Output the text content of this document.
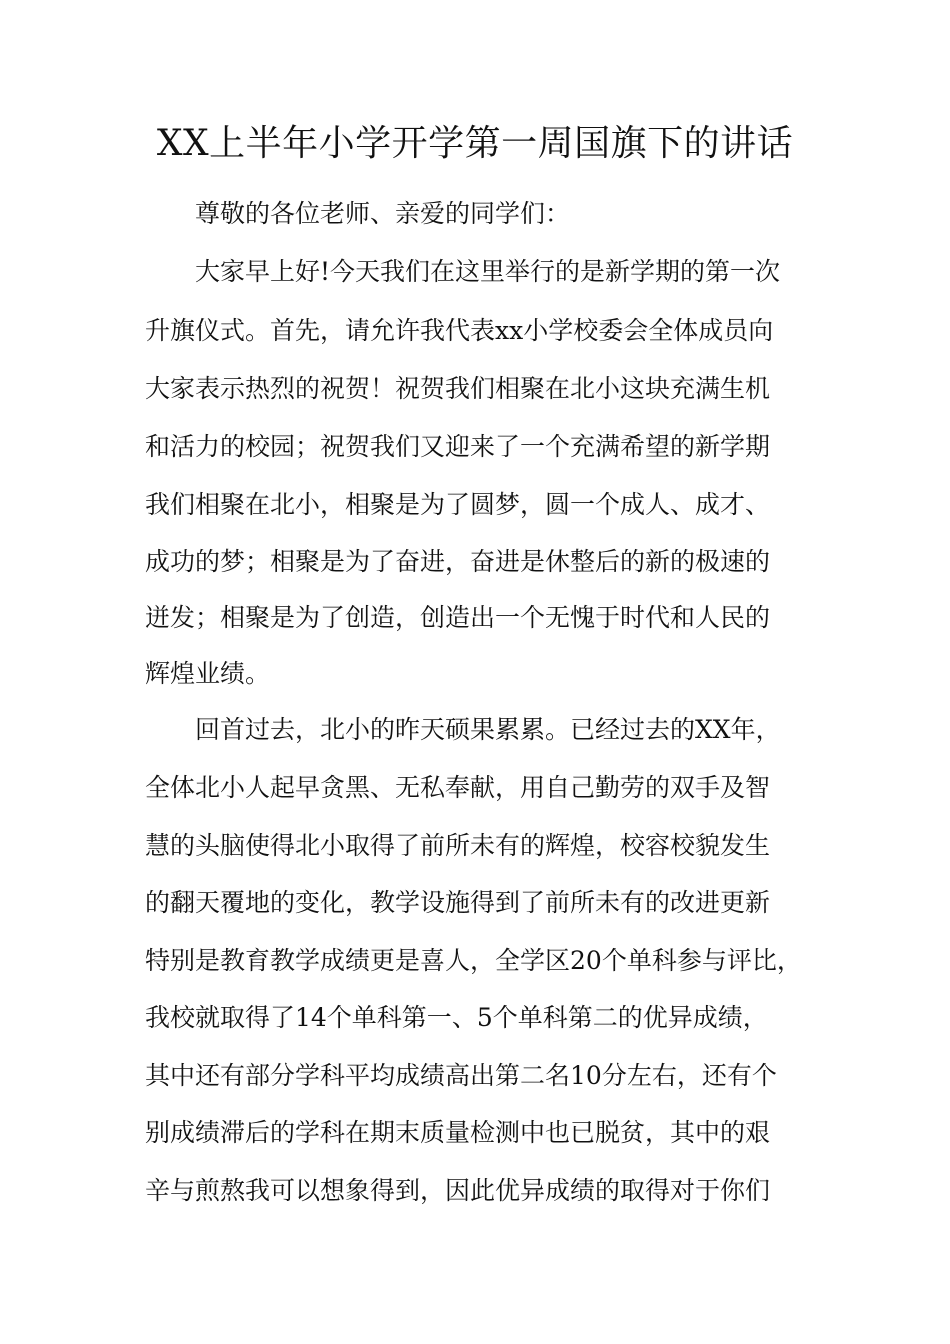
XX上半年小学开学第一周国旗下的讲话
尊敬的各位老师、亲爱的同学们：
大家早上好!今天我们在这里举行的是新学期的第一次
升旗仪式。首先，请允许我代表xx小学校委会全体成员向
大家表示热烈的祝贺！祝贺我们相聚在北小这块充满生机
和活力的校园；祝贺我们又迎来了一个充满希望的新学期
我们相聚在北小，相聚是为了圆梦，圆一个成人、成才、
成功的梦；相聚是为了奋进，奋进是休整后的新的极速的
迸发；相聚是为了创造，创造出一个无愧于时代和人民的
辉煌业绩。
回首过去，北小的昨天硕果累累。已经过去的XX年，
全体北小人起早贪黑、无私奉献，用自己勤劳的双手及智
慧的头脑使得北小取得了前所未有的辉煌，校容校貌发生
的翻天覆地的变化，教学设施得到了前所未有的改进更新
特别是教育教学成绩更是喜人，全学区20个单科参与评比，
我校就取得了14个单科第一、5个单科第二的优异成绩，
其中还有部分学科平均成绩高出第二名10分左右，还有个
别成绩滞后的学科在期末质量检测中也已脱贫，其中的艰
辛与煎熬我可以想象得到，因此优异成绩的取得对于你们
